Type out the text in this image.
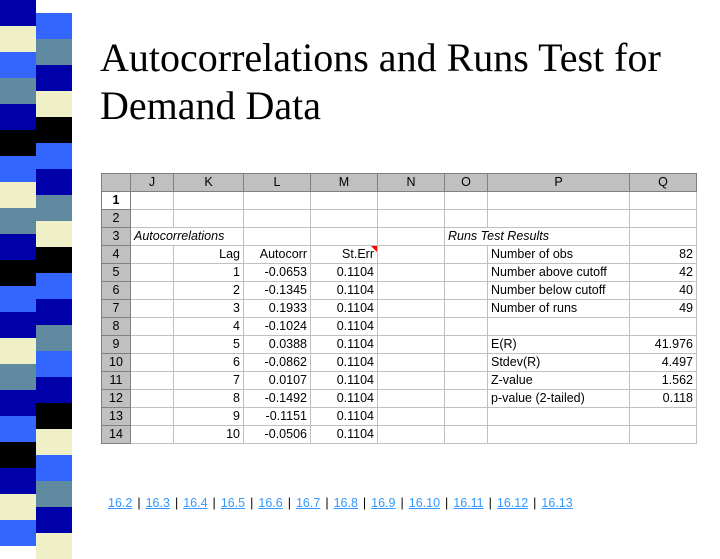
Autocorrelations and Runs Test for Demand Data
	J	K	L	M	N	O	P	Q
1								
2								
3	Autocorrelations					Runs Test Results		
4		Lag	Autocorr	St.Err			Number of obs	82
5		1	-0.0653	0.1104			Number above cutoff	42
6		2	-0.1345	0.1104			Number below cutoff	40
7		3	0.1933	0.1104			Number of runs	49
8		4	-0.1024	0.1104				
9		5	0.0388	0.1104			E(R)	41.976
10		6	-0.0862	0.1104			Stdev(R)	4.497
11		7	0.0107	0.1104			Z-value	1.562
12		8	-0.1492	0.1104			p-value (2-tailed)	0.118
13		9	-0.1151	0.1104				
14		10	-0.0506	0.1104				
16.2 | 16.3 | 16.4 | 16.5 | 16.6 | 16.7 | 16.8 | 16.9 | 16.10 | 16.11 | 16.12 | 16.13
